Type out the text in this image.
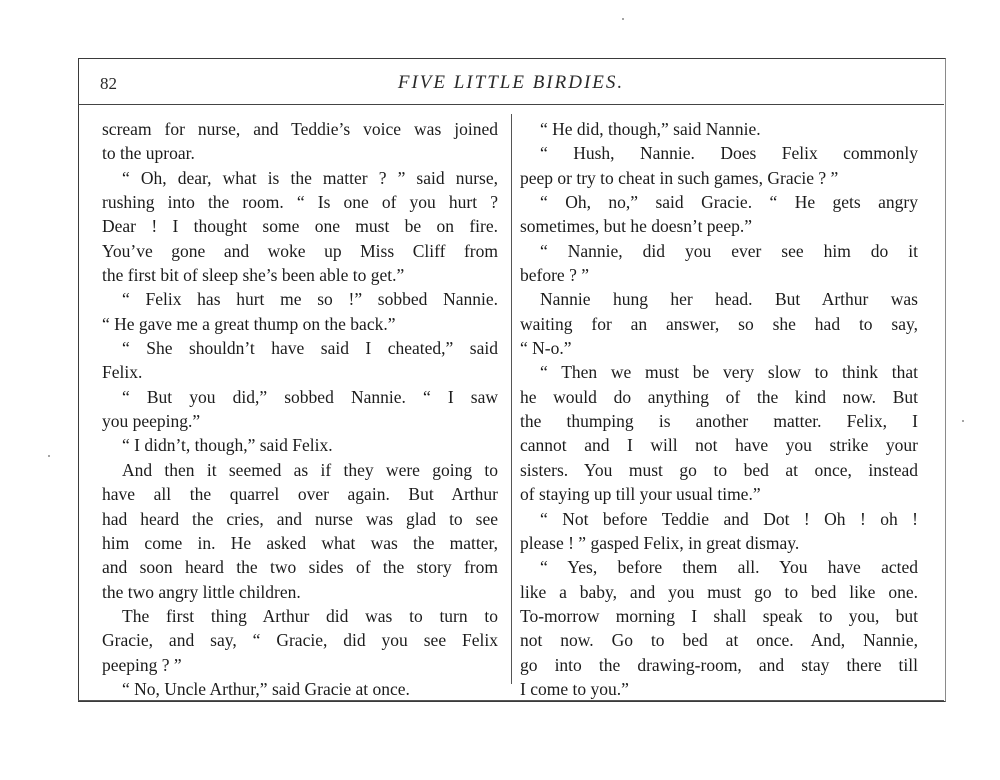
82	FIVE LITTLE BIRDIES.
scream for nurse, and Teddie’s voice was joined
to the uproar.
“ Oh, dear, what is the matter ? ” said nurse,
rushing into the room. “ Is one of you hurt ?
Dear ! I thought some one must be on fire.
You’ve gone and woke up Miss Cliff from
the first bit of sleep she’s been able to get.”
“ Felix has hurt me so !” sobbed Nannie.
“ He gave me a great thump on the back.”
“ She shouldn’t have said I cheated,” said
Felix.
“ But you did,” sobbed Nannie. “ I saw
you peeping.”
“ I didn’t, though,” said Felix.
And then it seemed as if they were going to
have all the quarrel over again. But Arthur
had heard the cries, and nurse was glad to see
him come in. He asked what was the matter,
and soon heard the two sides of the story from
the two angry little children.
The first thing Arthur did was to turn to
Gracie, and say, “ Gracie, did you see Felix
peeping ? ”
“ No, Uncle Arthur,” said Gracie at once.
“ He did, though,” said Nannie.
“ Hush, Nannie. Does Felix commonly
peep or try to cheat in such games, Gracie ? ”
“ Oh, no,” said Gracie. “ He gets angry
sometimes, but he doesn’t peep.”
“ Nannie, did you ever see him do it
before ? ”
Nannie hung her head. But Arthur was
waiting for an answer, so she had to say,
“ N-o.”
“ Then we must be very slow to think that
he would do anything of the kind now. But
the thumping is another matter. Felix, I
cannot and I will not have you strike your
sisters. You must go to bed at once, instead
of staying up till your usual time.”
“ Not before Teddie and Dot ! Oh ! oh !
please ! ” gasped Felix, in great dismay.
“ Yes, before them all. You have acted
like a baby, and you must go to bed like one.
To-morrow morning I shall speak to you, but
not now. Go to bed at once. And, Nannie,
go into the drawing-room, and stay there till
I come to you.”
